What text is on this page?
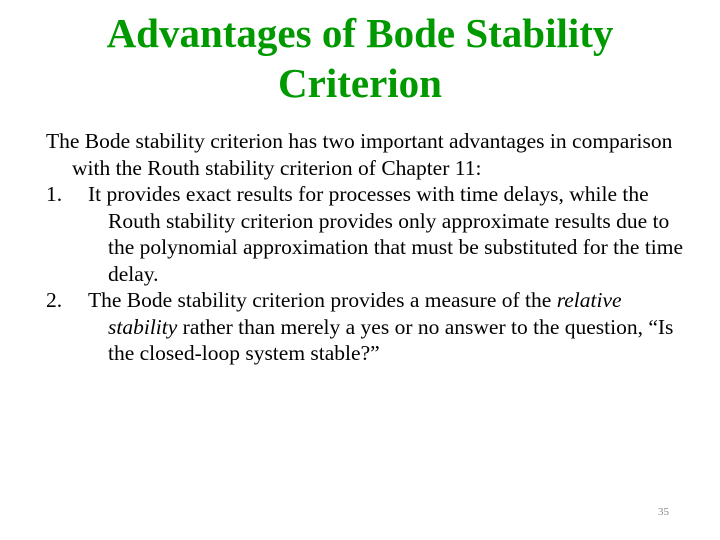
Advantages of Bode Stability
Criterion

The Bode stability criterion has two important advantages in comparison with the Routh stability criterion of Chapter 11:

1. It provides exact results for processes with time delays, while the Routh stability criterion provides only approximate results due to the polynomial approximation that must be substituted for the time delay.
2. The Bode stability criterion provides a measure of the relative stability rather than merely a yes or no answer to the question, “Is the closed-loop system stable?”
35
